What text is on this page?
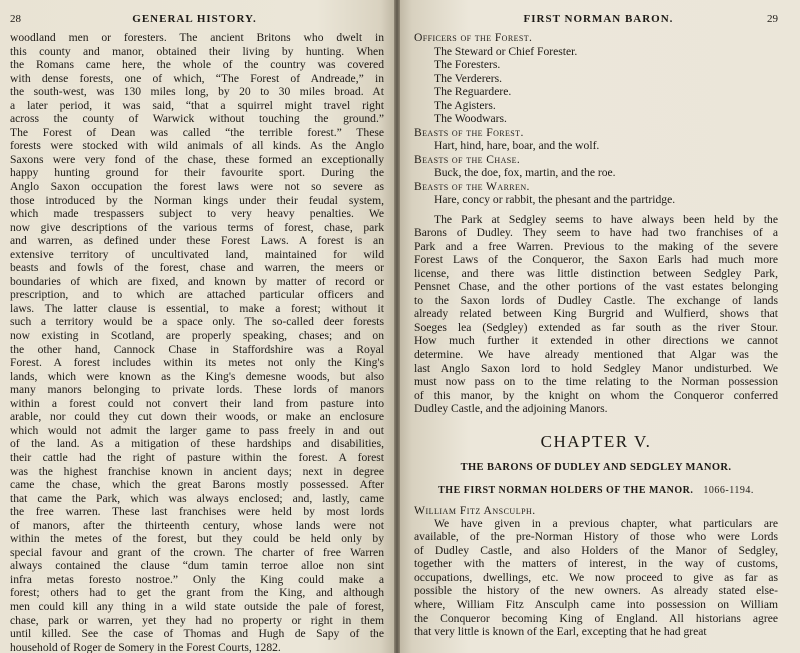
28	GENERAL HISTORY.
woodland men or foresters. The ancient Britons who dwelt in
this county and manor, obtained their living by hunting. When
the Romans came here, the whole of the country was covered
with dense forests, one of which, “The Forest of Andreade,” in
the south-west, was 130 miles long, by 20 to 30 miles broad. At
a later period, it was said, “that a squirrel might travel right
across the county of Warwick without touching the ground.”
The Forest of Dean was called “the terrible forest.” These
forests were stocked with wild animals of all kinds. As the Anglo
Saxons were very fond of the chase, these formed an exceptionally
happy hunting ground for their favourite sport. During the
Anglo Saxon occupation the forest laws were not so severe as
those introduced by the Norman kings under their feudal system,
which made trespassers subject to very heavy penalties. We
now give descriptions of the various terms of forest, chase, park
and warren, as defined under these Forest Laws. A forest is an
extensive territory of uncultivated land, maintained for wild
beasts and fowls of the forest, chase and warren, the meers or
boundaries of which are fixed, and known by matter of record or
prescription, and to which are attached particular officers and
laws. The latter clause is essential, to make a forest; without it
such a territory would be a space only. The so-called deer forests
now existing in Scotland, are properly speaking, chases; and on
the other hand, Cannock Chase in Staffordshire was a Royal
Forest. A forest includes within its metes not only the King's
lands, which were known as the King's demesne woods, but also
many manors belonging to private lords. These lords of manors
within a forest could not convert their land from pasture into
arable, nor could they cut down their woods, or make an enclosure
which would not admit the larger game to pass freely in and out
of the land. As a mitigation of these hardships and disabilities,
their cattle had the right of pasture within the forest. A forest
was the highest franchise known in ancient days; next in degree
came the chase, which the great Barons mostly possessed. After
that came the Park, which was always enclosed; and, lastly, came
the free warren. These last franchises were held by most lords
of manors, after the thirteenth century, whose lands were not
within the metes of the forest, but they could be held only by
special favour and grant of the crown. The charter of free Warren
always contained the clause “dum tamin terroe alloe non sint
infra metas foresto nostroe.” Only the King could make a
forest; others had to get the grant from the King, and although
men could kill any thing in a wild state outside the pale of forest,
chase, park or warren, yet they had no property or right in them
until killed. See the case of Thomas and Hugh de Sapy of the
household of Roger de Somery in the Forest Courts, 1282.
FIRST NORMAN BARON.	29
Officers of the Forest.
The Steward or Chief Forester.
The Foresters.
The Verderers.
The Reguardere.
The Agisters.
The Woodwars.
Beasts of the Forest.
Hart, hind, hare, boar, and the wolf.
Beasts of the Chase.
Buck, the doe, fox, martin, and the roe.
Beasts of the Warren.
Hare, concy or rabbit, the phesant and the partridge.
The Park at Sedgley seems to have always been held by the
Barons of Dudley. They seem to have had two franchises of a
Park and a free Warren. Previous to the making of the severe
Forest Laws of the Conqueror, the Saxon Earls had much more
license, and there was little distinction between Sedgley Park,
Pensnet Chase, and the other portions of the vast estates belonging
to the Saxon lords of Dudley Castle. The exchange of lands
already related between King Burgrid and Wulfierd, shows that
Soeges lea (Sedgley) extended as far south as the river Stour.
How much further it extended in other directions we cannot
determine. We have already mentioned that Algar was the
last Anglo Saxon lord to hold Sedgley Manor undisturbed. We
must now pass on to the time relating to the Norman possession
of this manor, by the knight on whom the Conqueror conferred
Dudley Castle, and the adjoining Manors.
CHAPTER V.
THE BARONS OF DUDLEY AND SEDGLEY MANOR.
THE FIRST NORMAN HOLDERS OF THE MANOR. 1066-1194.
William Fitz Ansculph.
We have given in a previous chapter, what particulars are
available, of the pre-Norman History of those who were Lords
of Dudley Castle, and also Holders of the Manor of Sedgley,
together with the matters of interest, in the way of customs,
occupations, dwellings, etc. We now proceed to give as far as
possible the history of the new owners. As already stated else-
where, William Fitz Ansculph came into possession on William
the Conqueror becoming King of England. All historians agree
that very little is known of the Earl, excepting that he had great
